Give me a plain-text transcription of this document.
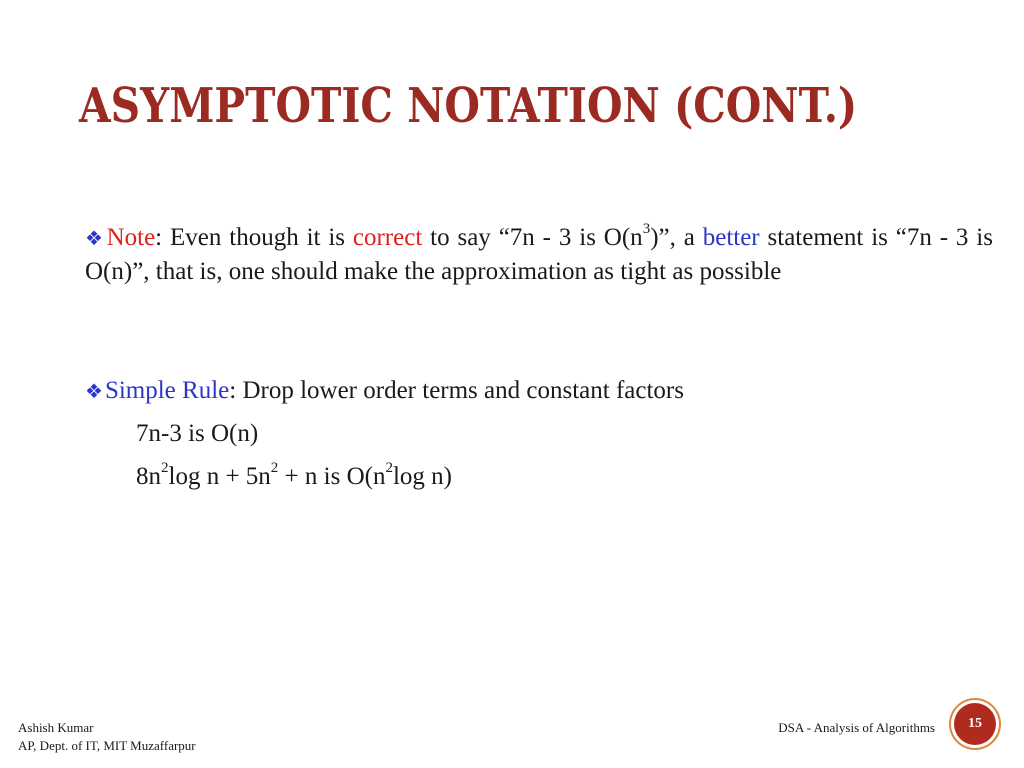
ASYMPTOTIC NOTATION (CONT.)
❖Note: Even though it is correct to say “7n - 3 is $O(n^3)$”, a better statement is “7n - 3 is O(n)”, that is, one should make the approximation as tight as possible
❖Simple Rule: Drop lower order terms and constant factors
7n-3 is O(n)
$8n^2\log$ $n + 5n^2 + n$ is $O(n^2\log$ n)
Ashish Kumar
AP, Dept. of IT, MIT Muzaffarpur
DSA - Analysis of Algorithms 15
